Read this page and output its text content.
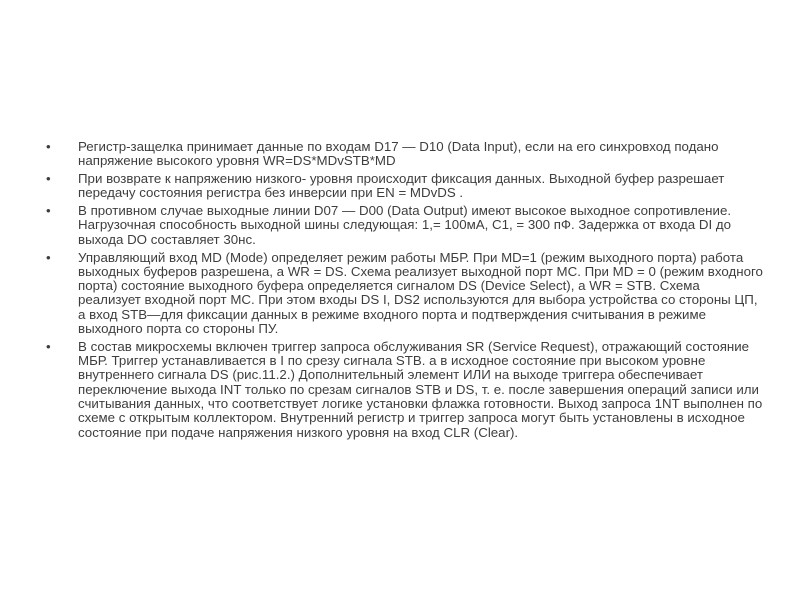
•	Регистр-защелка принимает данные по входам D17 — D10 (Data Input), если на его синхровход подано напряжение высокого уровня WR=DS*MDvSTB*MD
•	При возврате к напряжению низкого- уровня происходит фиксация данных. Выходной буфер разрешает передачу состояния регистра без инверсии при EN = MDvDS .
•	В противном случае выходные линии D07 — D00 (Data Output) имеют высокое выходное сопротивление. Нагрузочная способность выходной шины следующая: 1,= 100мА, С1, = 300 пФ. Задержка от входа DI до выхода DO составляет 30нс.
•	Управляющий вход MD (Mode) определяет режим работы МБР. При MD=1 (режим выходного порта) работа выходных буферов разрешена, а WR = DS. Схема реализует выходной порт МС. При MD = 0 (режим входного порта) состояние выходного буфера определяется сигналом DS (Device Select), а WR = STB. Схема реализует входной порт МС. При этом входы DS I, DS2 используются для выбора устройства со стороны ЦП, а вход STB—для фиксации данных в режиме входного порта и подтверждения считывания в режиме выходного порта со стороны ПУ.
•	В состав микросхемы включен триггер запроса обслуживания SR (Service Request), отражающий состояние МБР. Триггер устанавливается в I по срезу сигнала STB. а в исходное состояние при высоком уровне внутреннего сигнала DS (рис.11.2.) Дополнительный элемент ИЛИ на выходе триггера обеспечивает переключение выхода INT только по срезам сигналов STB и DS, т. е. после завершения операций записи или считывания данных, что соответствует логике установки флажка готовности. Выход запроса 1NT выполнен по схеме с открытым коллектором. Внутренний регистр и триггер запроса могут быть установлены в исходное состояние при подаче напряжения низкого уровня на вход CLR (Clear).
